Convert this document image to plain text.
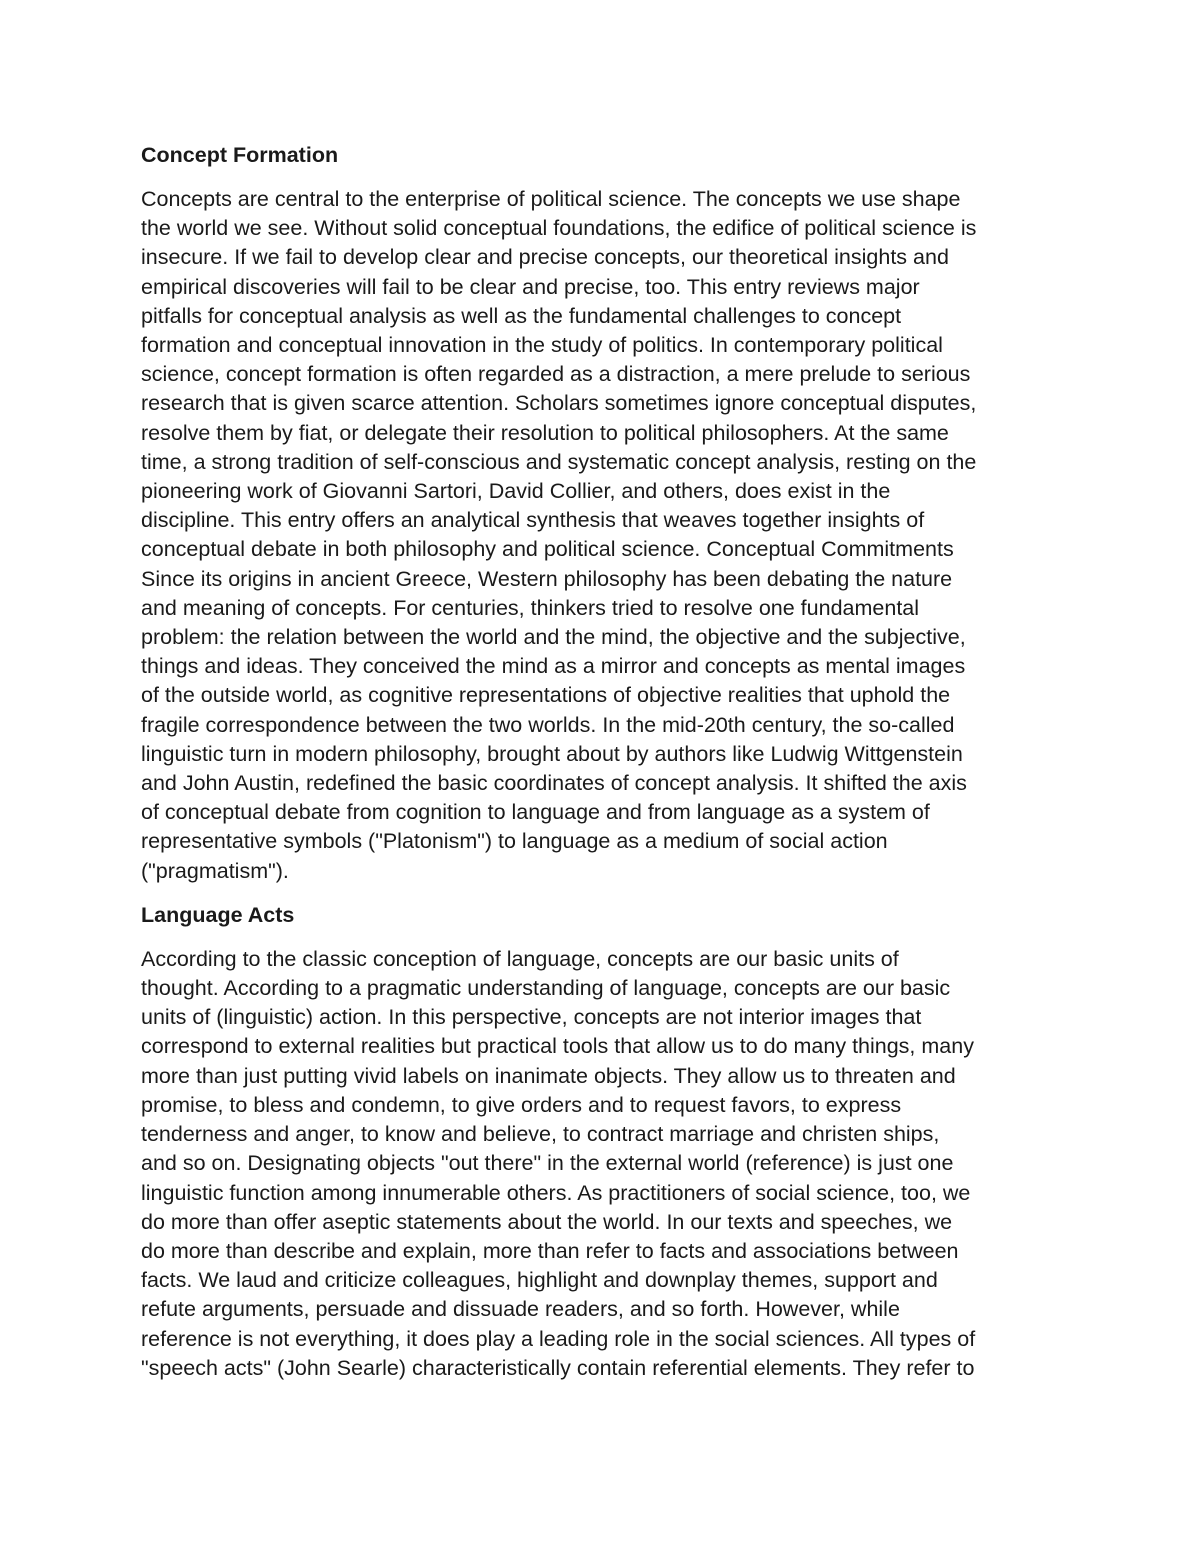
Concept Formation

Concepts are central to the enterprise of political science. The concepts we use shape
the world we see. Without solid conceptual foundations, the edifice of political science is
insecure. If we fail to develop clear and precise concepts, our theoretical insights and
empirical discoveries will fail to be clear and precise, too. This entry reviews major
pitfalls for conceptual analysis as well as the fundamental challenges to concept
formation and conceptual innovation in the study of politics. In contemporary political
science, concept formation is often regarded as a distraction, a mere prelude to serious
research that is given scarce attention. Scholars sometimes ignore conceptual disputes,
resolve them by fiat, or delegate their resolution to political philosophers. At the same
time, a strong tradition of self-conscious and systematic concept analysis, resting on the
pioneering work of Giovanni Sartori, David Collier, and others, does exist in the
discipline. This entry offers an analytical synthesis that weaves together insights of
conceptual debate in both philosophy and political science. Conceptual Commitments
Since its origins in ancient Greece, Western philosophy has been debating the nature
and meaning of concepts. For centuries, thinkers tried to resolve one fundamental
problem: the relation between the world and the mind, the objective and the subjective,
things and ideas. They conceived the mind as a mirror and concepts as mental images
of the outside world, as cognitive representations of objective realities that uphold the
fragile correspondence between the two worlds. In the mid-20th century, the so-called
linguistic turn in modern philosophy, brought about by authors like Ludwig Wittgenstein
and John Austin, redefined the basic coordinates of concept analysis. It shifted the axis
of conceptual debate from cognition to language and from language as a system of
representative symbols ("Platonism") to language as a medium of social action
("pragmatism").

Language Acts

According to the classic conception of language, concepts are our basic units of
thought. According to a pragmatic understanding of language, concepts are our basic
units of (linguistic) action. In this perspective, concepts are not interior images that
correspond to external realities but practical tools that allow us to do many things, many
more than just putting vivid labels on inanimate objects. They allow us to threaten and
promise, to bless and condemn, to give orders and to request favors, to express
tenderness and anger, to know and believe, to contract marriage and christen ships,
and so on. Designating objects "out there" in the external world (reference) is just one
linguistic function among innumerable others. As practitioners of social science, too, we
do more than offer aseptic statements about the world. In our texts and speeches, we
do more than describe and explain, more than refer to facts and associations between
facts. We laud and criticize colleagues, highlight and downplay themes, support and
refute arguments, persuade and dissuade readers, and so forth. However, while
reference is not everything, it does play a leading role in the social sciences. All types of
"speech acts" (John Searle) characteristically contain referential elements. They refer to
